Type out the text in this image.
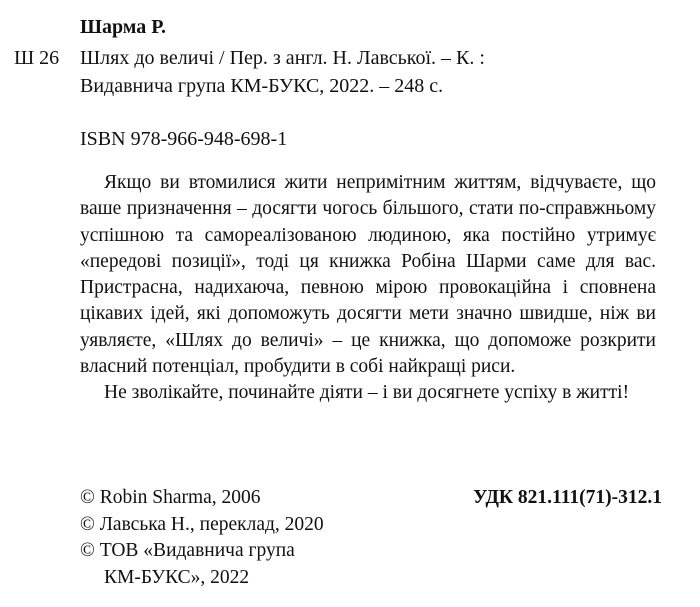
Шарма Р.
Ш 26 Шлях до величі / Пер. з англ. Н. Лавської. – К. :
Видавнича група КМ-БУКС, 2022. – 248 с.
ISBN 978-966-948-698-1

Якщо ви втомилися жити непримітним життям, відчуваєте, що ваше призначення – досягти чогось більшого, стати по-справжньому успішною та самореалізованою людиною, яка постійно утримує «передові позиції», тоді ця книжка Робіна Шарми саме для вас. Пристрасна, надихаюча, певною мірою провокаційна і сповнена цікавих ідей, які допоможуть досягти мети значно швидше, ніж ви уявляєте, «Шлях до величі» – це книжка, що допоможе розкрити власний потенціал, пробудити в собі найкращі риси.

Не зволікайте, починайте діяти – і ви досягнете успіху в житті!

© Robin Sharma, 2006
© Лавська Н., переклад, 2020
© ТОВ «Видавнича група
КМ-БУКС», 2022
УДК 821.111(71)-312.1
